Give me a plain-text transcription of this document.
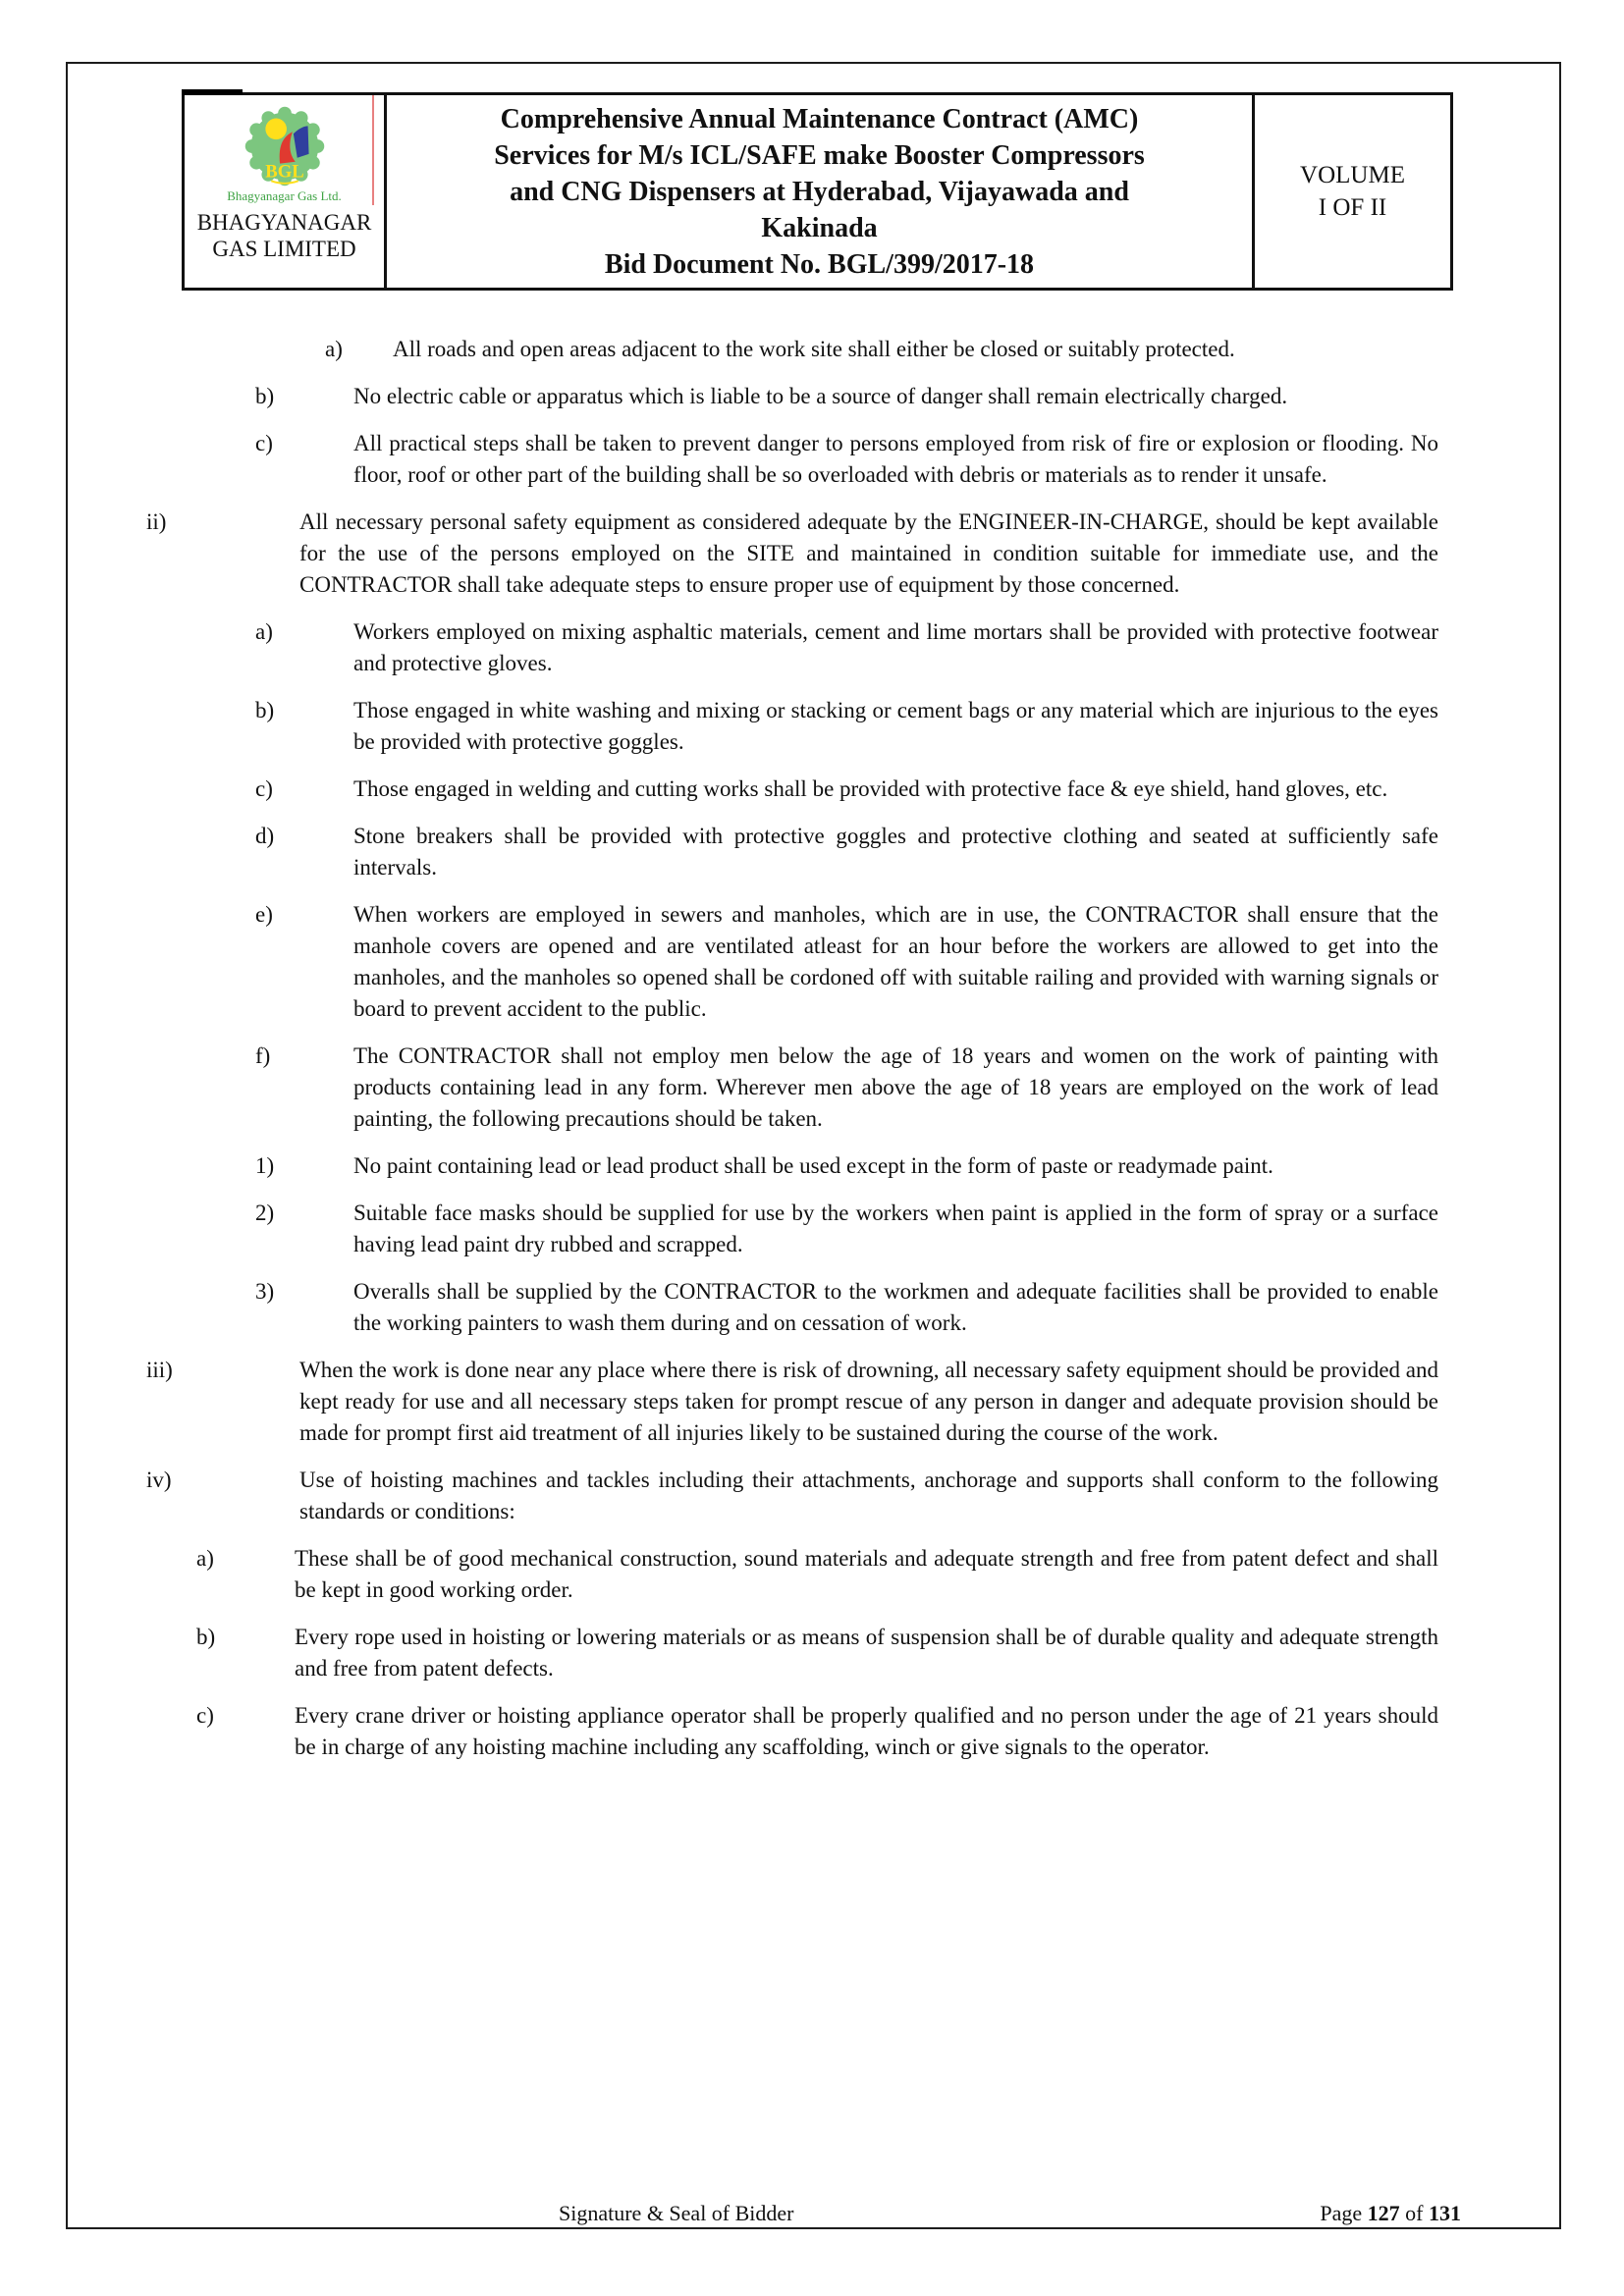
BGL
Bhagyanagar Gas Ltd.
BHAGYANAGAR
GAS LIMITED
Comprehensive Annual Maintenance Contract (AMC)
Services for M/s ICL/SAFE make Booster Compressors
and CNG Dispensers at Hyderabad, Vijayawada and
Kakinada
Bid Document No. BGL/399/2017-18
VOLUME
I OF II

a) All roads and open areas adjacent to the work site shall either be closed or suitably protected.

b)	No electric cable or apparatus which is liable to be a source of danger shall remain electrically charged.

c)	All practical steps shall be taken to prevent danger to persons employed from risk of fire or explosion or flooding. No floor, roof or other part of the building shall be so overloaded with debris or materials as to render it unsafe.

ii)	All necessary personal safety equipment as considered adequate by the ENGINEER-IN-CHARGE, should be kept available for the use of the persons employed on the SITE and maintained in condition suitable for immediate use, and the CONTRACTOR shall take adequate steps to ensure proper use of equipment by those concerned.

a)	Workers employed on mixing asphaltic materials, cement and lime mortars shall be provided with protective footwear and protective gloves.

b)	Those engaged in white washing and mixing or stacking or cement bags or any material which are injurious to the eyes be provided with protective goggles.

c)	Those engaged in welding and cutting works shall be provided with protective face & eye shield, hand gloves, etc.

d)	Stone breakers shall be provided with protective goggles and protective clothing and seated at sufficiently safe intervals.

e)	When workers are employed in sewers and manholes, which are in use, the CONTRACTOR shall ensure that the manhole covers are opened and are ventilated atleast for an hour before the workers are allowed to get into the manholes, and the manholes so opened shall be cordoned off with suitable railing and provided with warning signals or board to prevent accident to the public.

f)	The CONTRACTOR shall not employ men below the age of 18 years and women on the work of painting with products containing lead in any form. Wherever men above the age of 18 years are employed on the work of lead painting, the following precautions should be taken.

1)	No paint containing lead or lead product shall be used except in the form of paste or readymade paint.

2)	Suitable face masks should be supplied for use by the workers when paint is applied in the form of spray or a surface having lead paint dry rubbed and scrapped.

3)	Overalls shall be supplied by the CONTRACTOR to the workmen and adequate facilities shall be provided to enable the working painters to wash them during and on cessation of work.

iii)	When the work is done near any place where there is risk of drowning, all necessary safety equipment should be provided and kept ready for use and all necessary steps taken for prompt rescue of any person in danger and adequate provision should be made for prompt first aid treatment of all injuries likely to be sustained during the course of the work.

iv)	Use of hoisting machines and tackles including their attachments, anchorage and supports shall conform to the following standards or conditions:

a)	These shall be of good mechanical construction, sound materials and adequate strength and free from patent defect and shall be kept in good working order.

b)	Every rope used in hoisting or lowering materials or as means of suspension shall be of durable quality and adequate strength and free from patent defects.

c)	Every crane driver or hoisting appliance operator shall be properly qualified and no person under the age of 21 years should be in charge of any hoisting machine including any scaffolding, winch or give signals to the operator.

Signature & Seal of Bidder	Page 127 of 131
